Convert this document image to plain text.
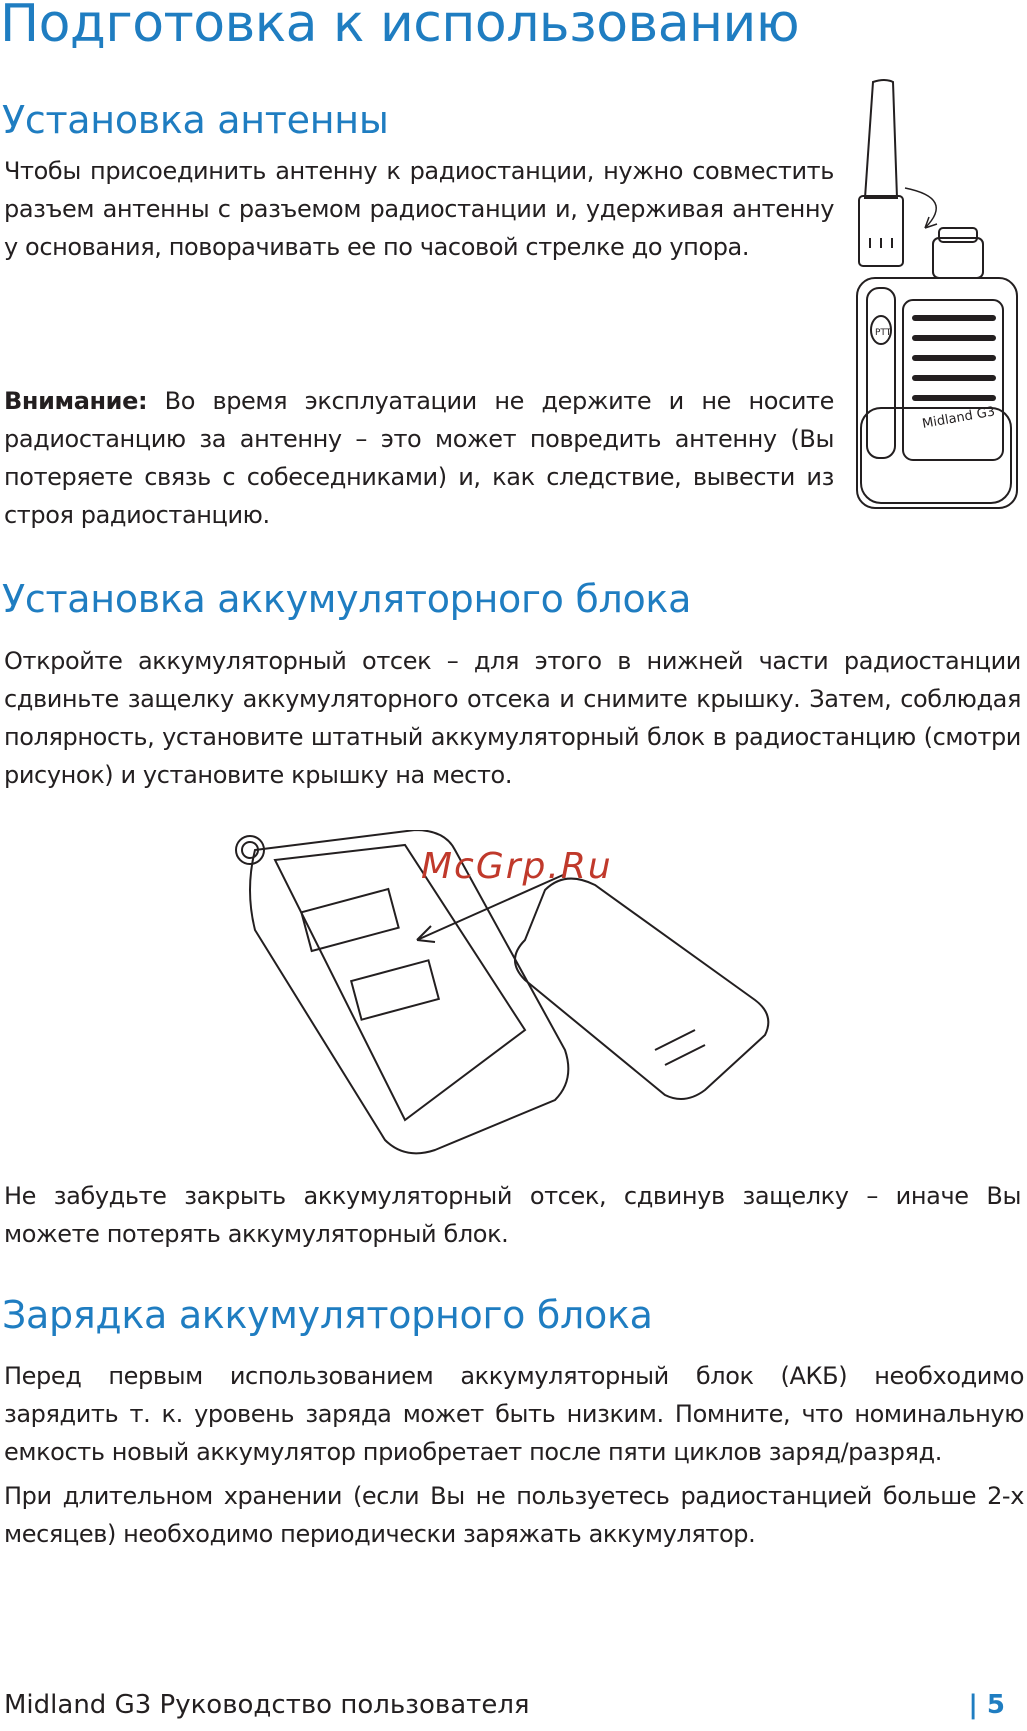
Подготовка к использованию
Установка антенны

Чтобы присоединить антенну к радиостанции, нужно совместить разъем антенны с разъемом радиостанции и, удерживая антенну у основания, поворачивать ее по часовой стрелке до упора.

Внимание: Во время эксплуатации не держите и не носите радиостанцию за антенну – это может повредить антенну (Вы потеряете связь с собеседниками) и, как следствие, вывести из строя радиостанцию.

PTT
Midland G3
Установка аккумуляторного блока

Откройте аккумуляторный отсек – для этого в нижней части радиостанции сдвиньте защелку аккумуляторного отсека и снимите крышку. Затем, соблюдая полярность, установите штатный аккумуляторный блок в радиостанцию (смотри рисунок) и установите крышку на место.

McGrp.Ru

Не забудьте закрыть аккумуляторный отсек, сдвинув защелку – иначе Вы можете потерять аккумуляторный блок.

Зарядка аккумуляторного блока

Перед первым использованием аккумуляторный блок (АКБ) необходимо зарядить т. к. уровень заряда может быть низким. Помните, что номинальную емкость новый аккумулятор приобретает после пяти циклов заряд/разряд.

При длительном хранении (если Вы не пользуетесь радиостанцией больше 2-х месяцев) необходимо периодически заряжать аккумулятор.

Midland G3 Руководство пользователя	| 5
